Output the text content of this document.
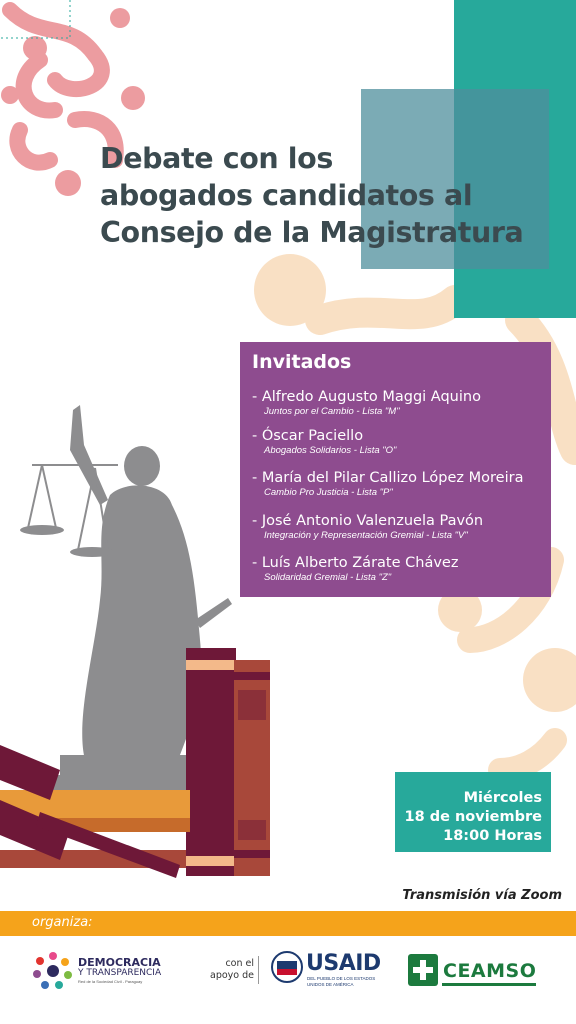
Debate con los
abogados candidatos al
Consejo de la Magistratura
Invitados
- Alfredo Augusto Maggi Aquino
Juntos por el Cambio - Lista "M"
- Óscar Paciello
Abogados Solidarios - Lista "O"
- María del Pilar Callizo López Moreira
Cambio Pro Justicia - Lista "P"
- José Antonio Valenzuela Pavón
Integración y Representación Gremial - Lista "V"
- Luís Alberto Zárate Chávez
Solidaridad Gremial - Lista "Z"
Miércoles
18 de noviembre
18:00 Horas
Transmisión vía Zoom
organiza:
DEMOCRACIA
Y TRANSPARENCIA
Red de la Sociedad Civil - Paraguay
con el
apoyo de USAID
DEL PUEBLO DE LOS ESTADOS UNIDOS DE AMÉRICA
CEAMSO
